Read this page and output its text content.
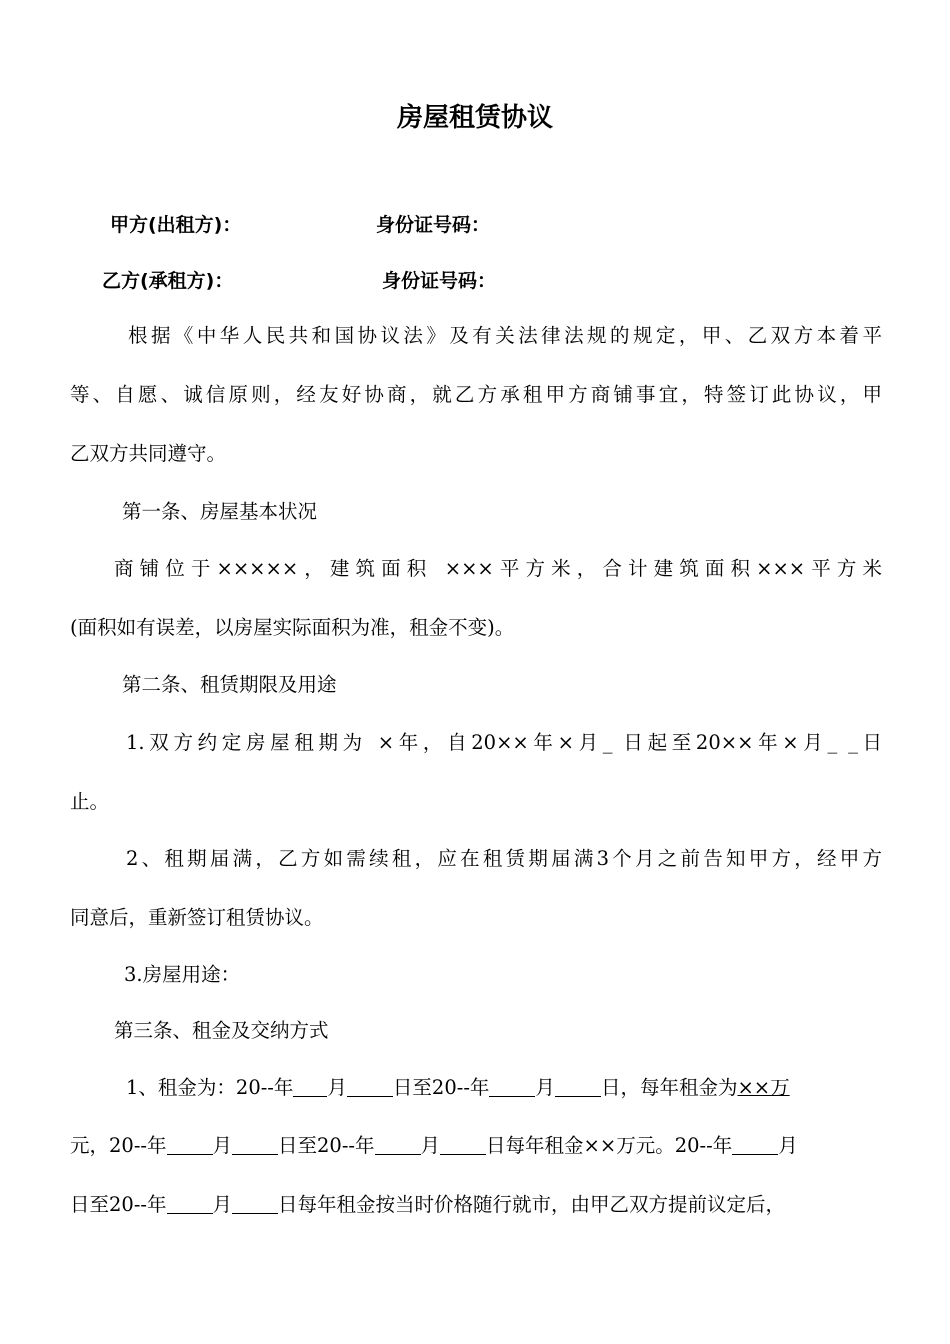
房屋租赁协议
甲方(出租方)：	身份证号码：
乙方(承租方)：	身份证号码：
根据《中华人民共和国协议法》及有关法律法规的规定，甲、乙双方本着平
等、自愿、诚信原则，经友好协商，就乙方承租甲方商铺事宜，特签订此协议，甲
乙双方共同遵守。
第一条、房屋基本状况
商铺位于×××××，建筑面积 ×××平方米，合计建筑面积×××平方米
(面积如有误差，以房屋实际面积为准，租金不变)。
第二条、租赁期限及用途
1.双方约定房屋租期为 ×年，自20××年×月_ 日起至20××年×月_ _日
止。
2、租期届满，乙方如需续租，应在租赁期届满3个月之前告知甲方，经甲方
同意后，重新签订租赁协议。
3.房屋用途：
第三条、租金及交纳方式
1、租金为：20--年 月 日至20--年 月 日，每年租金为××万
元，20--年 月 日至20--年 月 日每年租金××万元。20--年 月
日至20--年 月 日每年租金按当时价格随行就市，由甲乙双方提前议定后，
